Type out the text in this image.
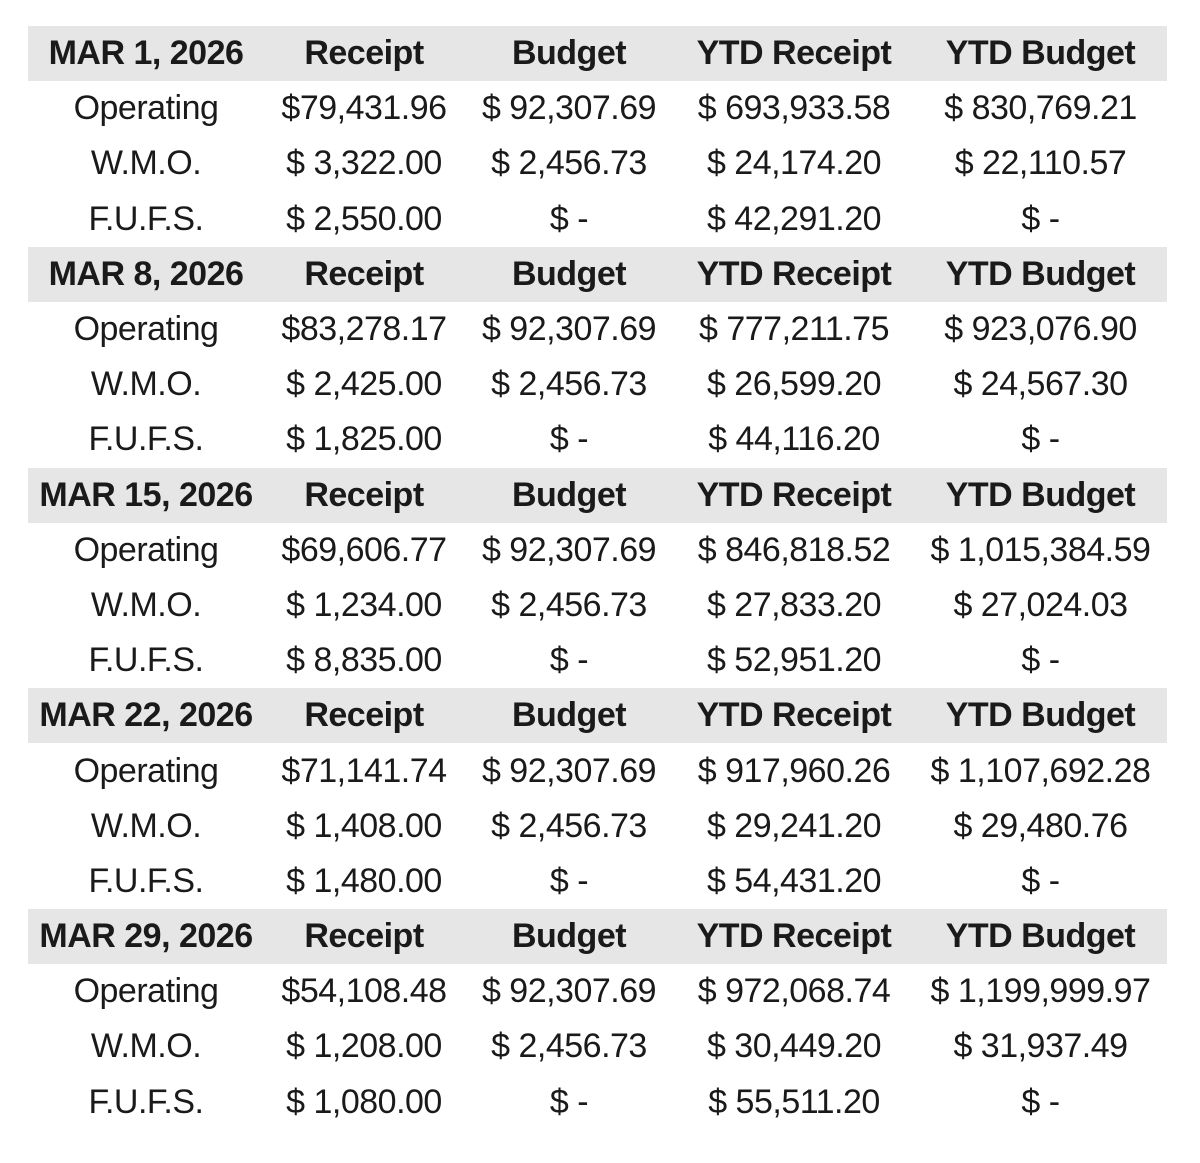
MAR 1, 2026	Receipt	Budget	YTD Receipt	YTD Budget
Operating	$79,431.96	$ 92,307.69	$ 693,933.58	$ 830,769.21
W.M.O.	$ 3,322.00	$ 2,456.73	$ 24,174.20	$ 22,110.57
F.U.F.S.	$ 2,550.00	$ -	$ 42,291.20	$ -
MAR 8, 2026	Receipt	Budget	YTD Receipt	YTD Budget
Operating	$83,278.17	$ 92,307.69	$ 777,211.75	$ 923,076.90
W.M.O.	$ 2,425.00	$ 2,456.73	$ 26,599.20	$ 24,567.30
F.U.F.S.	$ 1,825.00	$ -	$ 44,116.20	$ -
MAR 15, 2026	Receipt	Budget	YTD Receipt	YTD Budget
Operating	$69,606.77	$ 92,307.69	$ 846,818.52	$ 1,015,384.59
W.M.O.	$ 1,234.00	$ 2,456.73	$ 27,833.20	$ 27,024.03
F.U.F.S.	$ 8,835.00	$ -	$ 52,951.20	$ -
MAR 22, 2026	Receipt	Budget	YTD Receipt	YTD Budget
Operating	$71,141.74	$ 92,307.69	$ 917,960.26	$ 1,107,692.28
W.M.O.	$ 1,408.00	$ 2,456.73	$ 29,241.20	$ 29,480.76
F.U.F.S.	$ 1,480.00	$ -	$ 54,431.20	$ -
MAR 29, 2026	Receipt	Budget	YTD Receipt	YTD Budget
Operating	$54,108.48	$ 92,307.69	$ 972,068.74	$ 1,199,999.97
W.M.O.	$ 1,208.00	$ 2,456.73	$ 30,449.20	$ 31,937.49
F.U.F.S.	$ 1,080.00	$ -	$ 55,511.20	$ -
